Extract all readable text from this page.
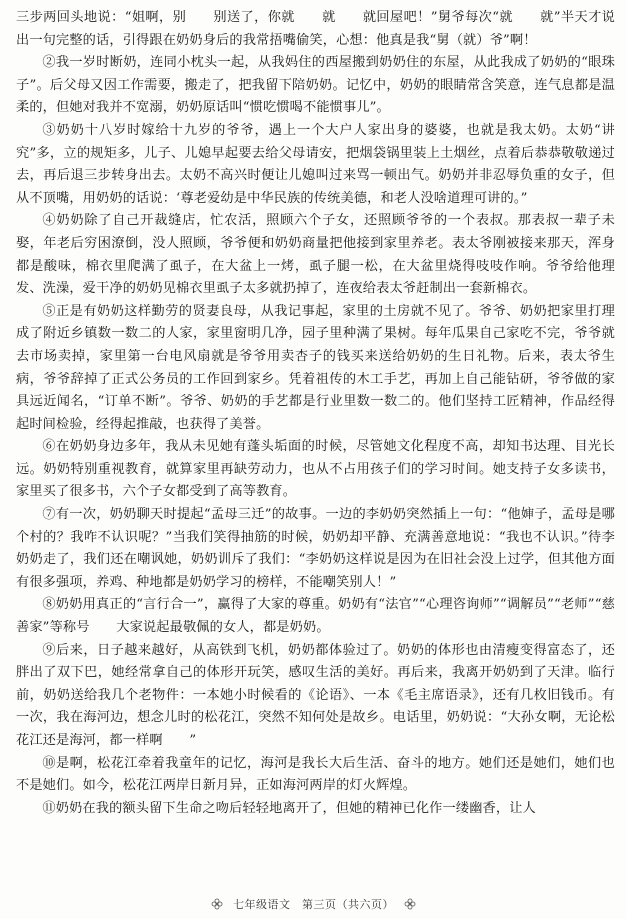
三步两回头地说：“姐啊，别　　别送了，你就　　就　　就回屋吧！”舅爷每次“就　　就”半天才说出一句完整的话，引得跟在奶奶身后的我常捂嘴偷笑，心想：他真是我“舅（就）爷”啊！

②我一岁时断奶，连同小枕头一起，从我妈住的西屋搬到奶奶住的东屋，从此我成了奶奶的“眼珠子”。后父母又因工作需要，搬走了，把我留下陪奶奶。记忆中，奶奶的眼睛常含笑意，连气息都是温柔的，但她对我并不宽溺，奶奶原话叫“惯吃惯喝不能惯事儿”。

③奶奶十八岁时嫁给十九岁的爷爷，遇上一个大户人家出身的婆婆，也就是我太奶。太奶“讲究”多，立的规矩多，儿子、儿媳早起要去给父母请安，把烟袋锅里装上土烟丝，点着后恭恭敬敬递过去，再后退三步转身出去。太奶不高兴时便让儿媳叫过来骂一顿出气。奶奶并非忍辱负重的女子，但从不顶嘴，用奶奶的话说：‘尊老爱幼是中华民族的传统美德，和老人没啥道理可讲的。”

④奶奶除了自己开裁缝店，忙农活，照顾六个子女，还照顾爷爷的一个表叔。那表叔一辈子未娶，年老后穷困潦倒，没人照顾，爷爷便和奶奶商量把他接到家里养老。表太爷刚被接来那天，浑身都是酸味，棉衣里爬满了虱子，在大盆上一烤，虱子腿一松，在大盆里烧得吱吱作响。爷爷给他理发、洗澡，爱干净的奶奶见棉衣里虱子太多就扔掉了，连夜给表太爷赶制出一套新棉衣。

⑤正是有奶奶这样勤劳的贤妻良母，从我记事起，家里的土房就不见了。爷爷、奶奶把家里打理成了附近乡镇数一数二的人家，家里窗明几净，园子里种满了果树。每年瓜果自己家吃不完，爷爷就去市场卖掉，家里第一台电风扇就是爷爷用卖杏子的钱买来送给奶奶的生日礼物。后来，表太爷生病，爷爷辞掉了正式公务员的工作回到家乡。凭着祖传的木工手艺，再加上自己能钻研，爷爷做的家具远近闻名，“订单不断”。爷爷、奶奶的手艺都是行业里数一数二的。他们坚持工匠精神，作品经得起时间检验，经得起推敲，也获得了美誉。

⑥在奶奶身边多年，我从未见她有蓬头垢面的时候，尽管她文化程度不高，却知书达理、目光长远。奶奶特别重视教育，就算家里再缺劳动力，也从不占用孩子们的学习时间。她支持子女多读书，家里买了很多书，六个子女都受到了高等教育。

⑦有一次，奶奶聊天时提起“孟母三迁”的故事。一边的李奶奶突然插上一句：“他婶子，孟母是哪个村的？我咋不认识呢？”当我们笑得抽筋的时候，奶奶却平静、充满善意地说：“我也不认识。”待李奶奶走了，我们还在嘲讽她，奶奶训斥了我们：“李奶奶这样说是因为在旧社会没上过学，但其他方面有很多强项，养鸡、种地都是奶奶学习的榜样，不能嘲笑别人！”

⑧奶奶用真正的“言行合一”，赢得了大家的尊重。奶奶有“法官”“心理咨询师”“调解员”“老师”“慈善家”等称号　　大家说起最敬佩的女人，都是奶奶。

⑨后来，日子越来越好，从高铁到飞机，奶奶都体验过了。奶奶的体形也由清瘦变得富态了，还胖出了双下巴，她经常拿自己的体形开玩笑，感叹生活的美好。再后来，我离开奶奶到了天津。临行前，奶奶送给我几个老物件：一本她小时候看的《论语》、一本《毛主席语录》，还有几枚旧钱币。有一次，我在海河边，想念儿时的松花江，突然不知何处是故乡。电话里，奶奶说：“大孙女啊，无论松花江还是海河，都一样啊　　”

⑩是啊，松花江牵着我童年的记忆，海河是我长大后生活、奋斗的地方。她们还是她们，她们也不是她们。如今，松花江两岸日新月异，正如海河两岸的灯火辉煌。

⑪奶奶在我的额头留下生命之吻后轻轻地离开了，但她的精神已化作一缕幽香，让人

七年级语文　第三页（共六页）
